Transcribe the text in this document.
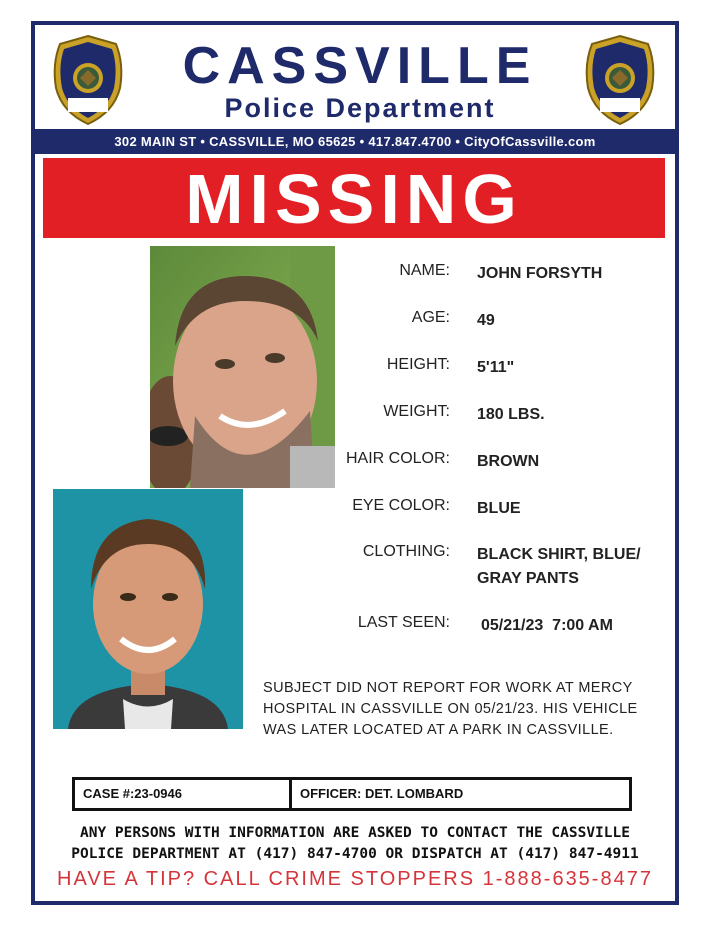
CASSVILLE
Police Department
302 MAIN ST • CASSVILLE, MO 65625 • 417.847.4700 • CityOfCassville.com
MISSING
NAME: JOHN FORSYTH
AGE: 49
HEIGHT: 5'11"
WEIGHT: 180 LBS.
HAIR COLOR: BROWN
EYE COLOR: BLUE
CLOTHING: BLACK SHIRT, BLUE/ GRAY PANTS
LAST SEEN: 05/21/23  7:00 AM
SUBJECT DID NOT REPORT FOR WORK AT MERCY HOSPITAL IN CASSVILLE ON 05/21/23. HIS VEHICLE WAS LATER LOCATED AT A PARK IN CASSVILLE.
CASE #:23-0946	OFFICER: DET. LOMBARD
ANY PERSONS WITH INFORMATION ARE ASKED TO CONTACT THE CASSVILLE
POLICE DEPARTMENT AT (417) 847-4700 OR DISPATCH AT (417) 847-4911
HAVE A TIP? CALL CRIME STOPPERS 1-888-635-8477
